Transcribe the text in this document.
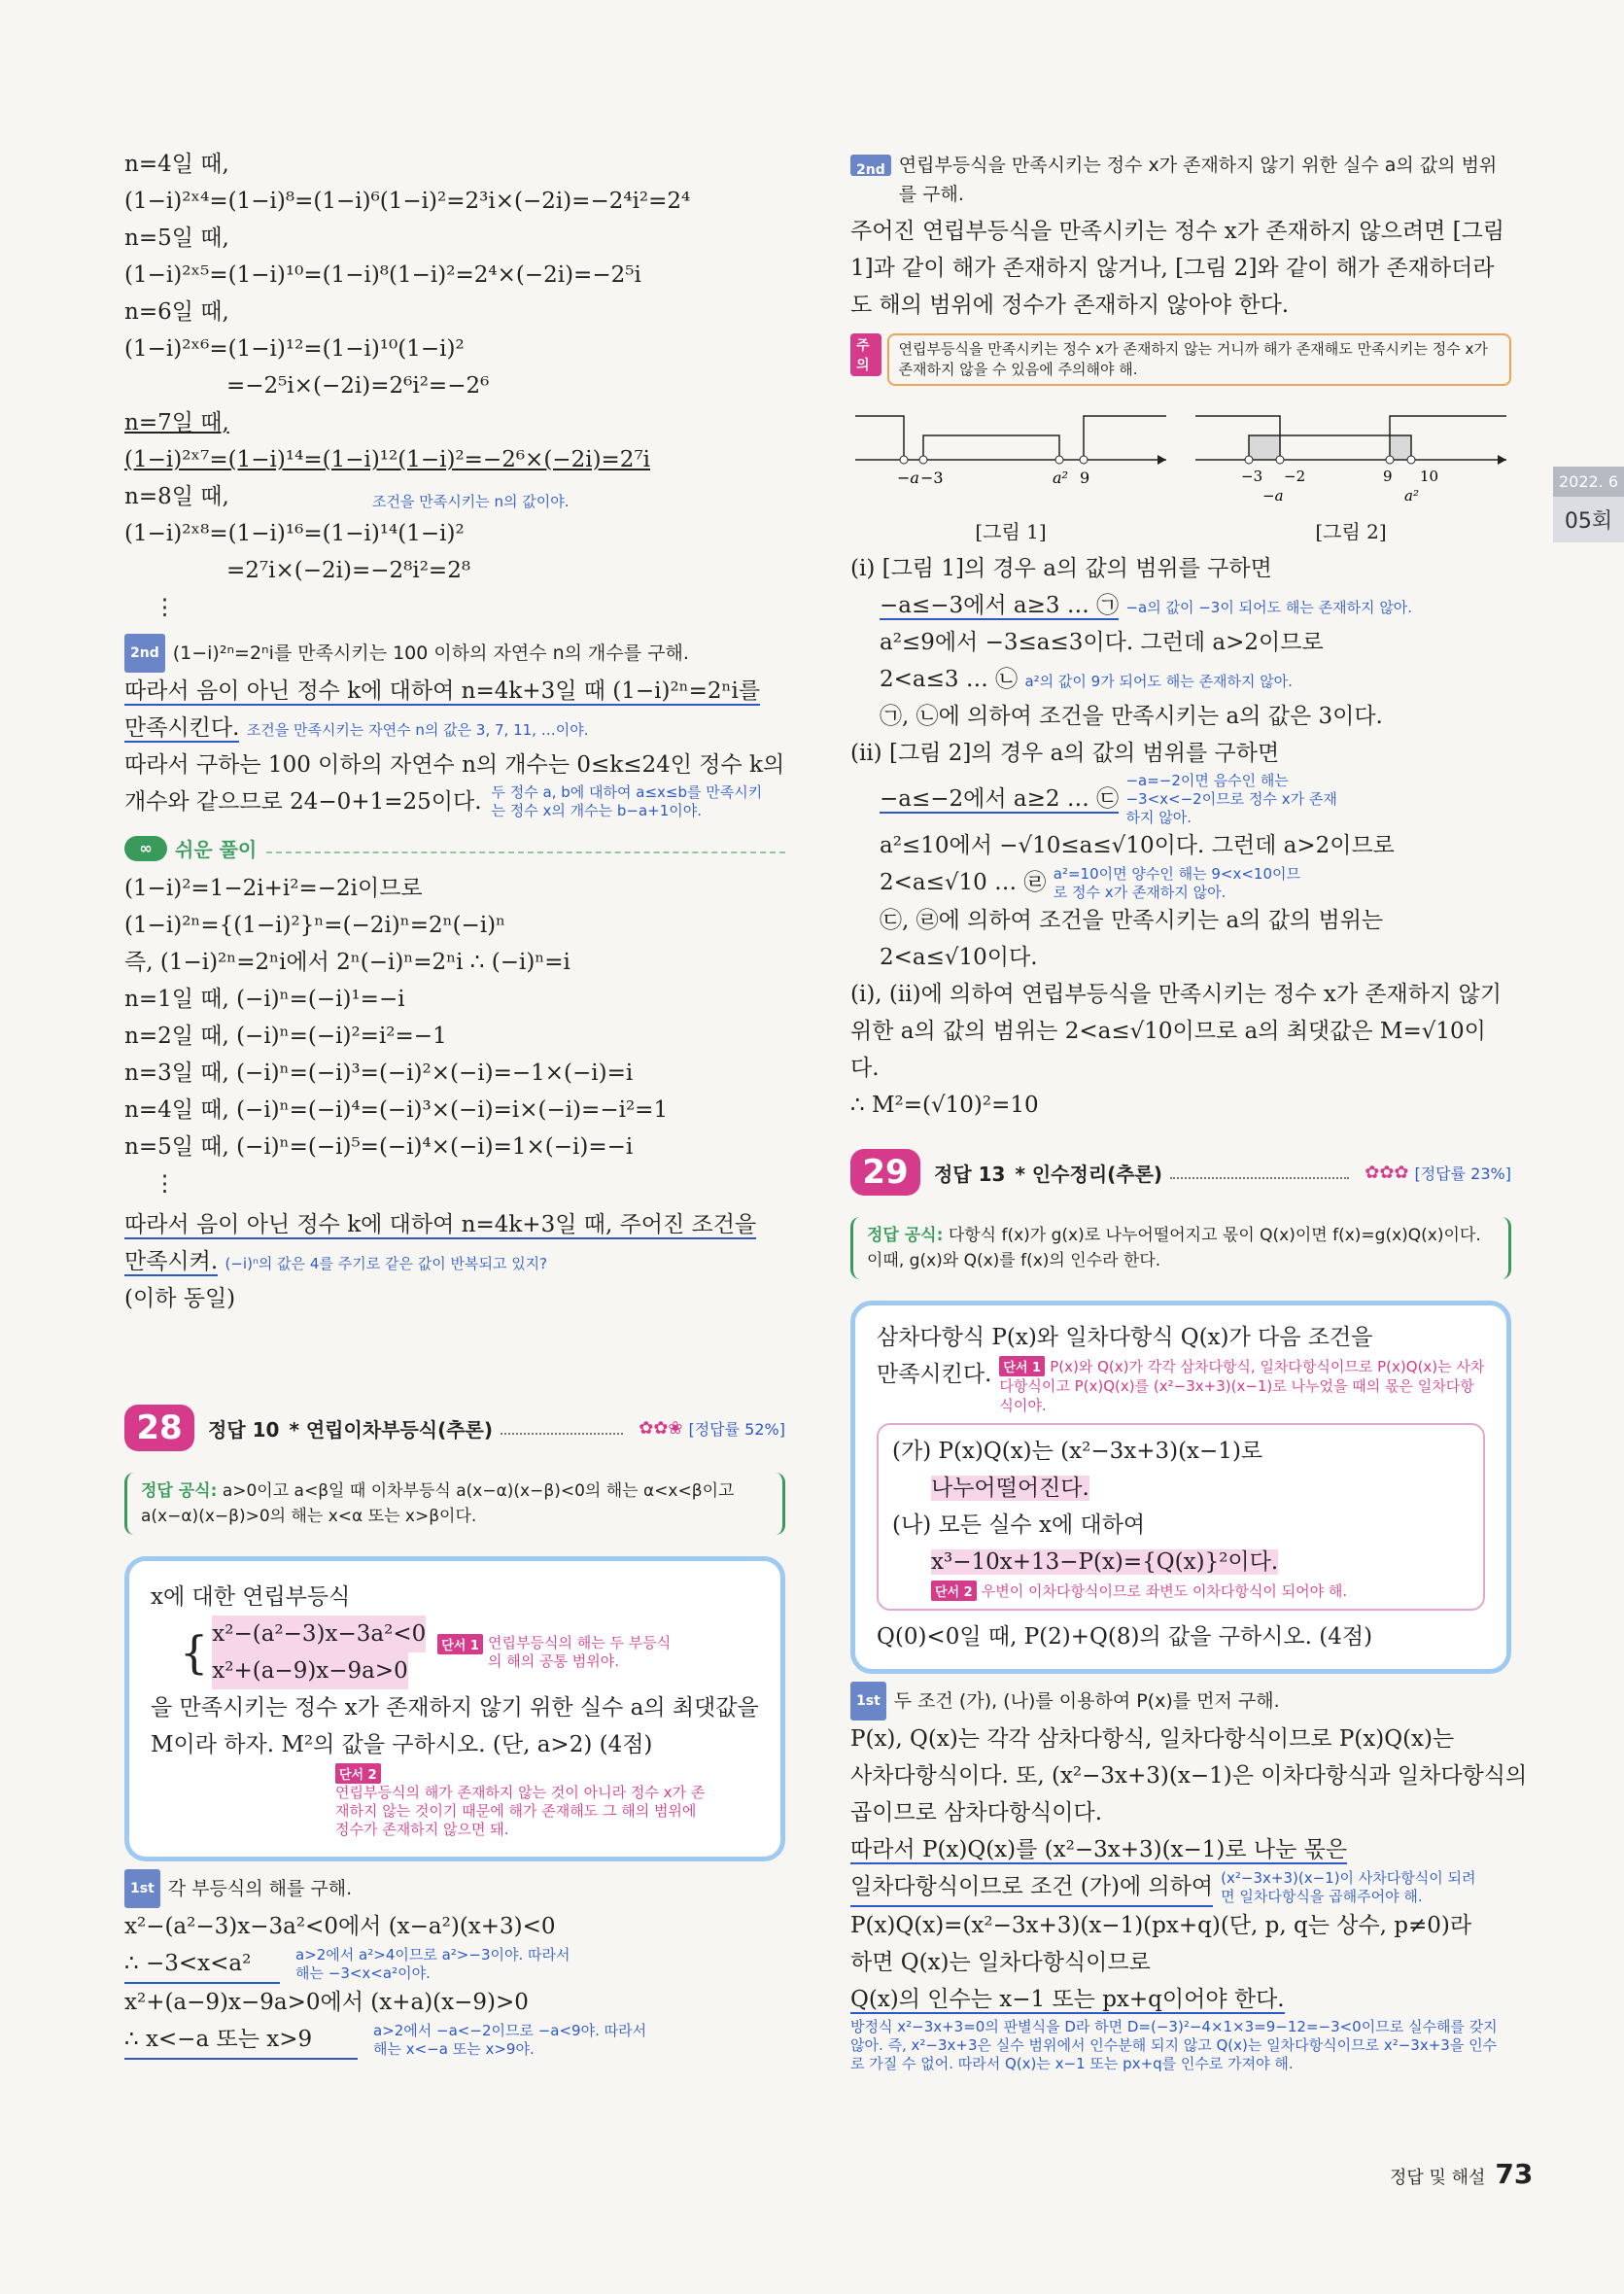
n=4일 때,
(1−i)²ˣ⁴=(1−i)⁸=(1−i)⁶(1−i)²=2³i×(−2i)=−2⁴i²=2⁴
n=5일 때,
(1−i)²ˣ⁵=(1−i)¹⁰=(1−i)⁸(1−i)²=2⁴×(−2i)=−2⁵i
n=6일 때,
(1−i)²ˣ⁶=(1−i)¹²=(1−i)¹⁰(1−i)²
=−2⁵i×(−2i)=2⁶i²=−2⁶
n=7일 때,
(1−i)²ˣ⁷=(1−i)¹⁴=(1−i)¹²(1−i)²=−2⁶×(−2i)=2⁷i
n=8일 때,
(1−i)²ˣ⁸=(1−i)¹⁶=(1−i)¹⁴(1−i)²
=2⁷i×(−2i)=−2⁸i²=2⁸
⋮
조건을 만족시키는 n의 값이야.
2nd (1−i)²ⁿ=2ⁿi를 만족시키는 100 이하의 자연수 n의 개수를 구해.
따라서 음이 아닌 정수 k에 대하여 n=4k+3일 때 (1−i)²ⁿ=2ⁿi를
만족시킨다. 조건을 만족시키는 자연수 n의 값은 3, 7, 11, …이야.
따라서 구하는 100 이하의 자연수 n의 개수는 0≤k≤24인 정수 k의
개수와 같으므로 24−0+1=25이다. 두 정수 a, b에 대하여 a≤x≤b를 만족시키는 정수 x의 개수는 b−a+1이야.
∞	쉬운 풀이
(1−i)²=1−2i+i²=−2i이므로
(1−i)²ⁿ={(1−i)²}ⁿ=(−2i)ⁿ=2ⁿ(−i)ⁿ
즉, (1−i)²ⁿ=2ⁿi에서 2ⁿ(−i)ⁿ=2ⁿi ∴ (−i)ⁿ=i
n=1일 때, (−i)ⁿ=(−i)¹=−i
n=2일 때, (−i)ⁿ=(−i)²=i²=−1
n=3일 때, (−i)ⁿ=(−i)³=(−i)²×(−i)=−1×(−i)=i
n=4일 때, (−i)ⁿ=(−i)⁴=(−i)³×(−i)=i×(−i)=−i²=1
n=5일 때, (−i)ⁿ=(−i)⁵=(−i)⁴×(−i)=1×(−i)=−i
⋮
따라서 음이 아닌 정수 k에 대하여 n=4k+3일 때, 주어진 조건을
만족시켜. (−i)ⁿ의 값은 4를 주기로 같은 값이 반복되고 있지?
(이하 동일)
28	정답 10 * 연립이차부등식(추론)	✿✿❀ [정답률 52%]
정답 공식: a>0이고 a<β일 때 이차부등식 a(x−α)(x−β)<0의 해는 α<x<β이고 a(x−α)(x−β)>0의 해는 x<α 또는 x>β이다.
x에 대한 연립부등식
{ x²−(a²−3)x−3a²<0
x²+(a−9)x−9a>0
단서 1 연립부등식의 해는 두 부등식의 해의 공통 범위야.
을 만족시키는 정수 x가 존재하지 않기 위한 실수 a의 최댓값을
M이라 하자. M²의 값을 구하시오. (단, a>2) (4점)
단서 2 연립부등식의 해가 존재하지 않는 것이 아니라 정수 x가 존재하지 않는 것이기 때문에 해가 존재해도 그 해의 범위에 정수가 존재하지 않으면 돼.
1st 각 부등식의 해를 구해.
x²−(a²−3)x−3a²<0에서 (x−a²)(x+3)<0
∴ −3<x<a²	a>2에서 a²>4이므로 a²>−3이야. 따라서 해는 −3<x<a²이야.
x²+(a−9)x−9a>0에서 (x+a)(x−9)>0
∴ x<−a 또는 x>9	a>2에서 −a<−2이므로 −a<9야. 따라서 해는 x<−a 또는 x>9야.
2nd 연립부등식을 만족시키는 정수 x가 존재하지 않기 위한 실수 a의 값의 범위를 구해.
주어진 연립부등식을 만족시키는 정수 x가 존재하지 않으려면 [그림 1]과 같이 해가 존재하지 않거나, [그림 2]와 같이 해가 존재하더라도 해의 범위에 정수가 존재하지 않아야 한다.
주의
연립부등식을 만족시키는 정수 x가 존재하지 않는 거니까 해가 존재해도 만족시키는 정수 x가 존재하지 않을 수 있음에 주의해야 해.
−a −3	a² 9
[그림 1]
−3 −2
−a
9 10
a²
[그림 2]
(i) [그림 1]의 경우 a의 값의 범위를 구하면
−a≤−3에서 a≥3 … ㉠ −a의 값이 −3이 되어도 해는 존재하지 않아.
a²≤9에서 −3≤a≤3이다. 그런데 a>2이므로
2<a≤3 … ㉡ a²의 값이 9가 되어도 해는 존재하지 않아.
㉠, ㉡에 의하여 조건을 만족시키는 a의 값은 3이다.
(ii) [그림 2]의 경우 a의 값의 범위를 구하면
−a≤−2에서 a≥2 … ㉢ −a=−2이면 음수인 해는 −3<x<−2이므로 정수 x가 존재하지 않아.
a²≤10에서 −√10≤a≤√10이다. 그런데 a>2이므로
2<a≤√10 … ㉣ a²=10이면 양수인 해는 9<x<10이므로 정수 x가 존재하지 않아.
㉢, ㉣에 의하여 조건을 만족시키는 a의 값의 범위는
2<a≤√10이다.
(i), (ii)에 의하여 연립부등식을 만족시키는 정수 x가 존재하지 않기 위한 a의 값의 범위는 2<a≤√10이므로 a의 최댓값은 M=√10이다.
∴ M²=(√10)²=10
29	정답 13 * 인수정리(추론)	✿✿✿ [정답률 23%]
정답 공식: 다항식 f(x)가 g(x)로 나누어떨어지고 몫이 Q(x)이면 f(x)=g(x)Q(x)이다. 이때, g(x)와 Q(x)를 f(x)의 인수라 한다.
삼차다항식 P(x)와 일차다항식 Q(x)가 다음 조건을
만족시킨다. 단서 1 P(x)와 Q(x)가 각각 삼차다항식, 일차다항식이므로 P(x)Q(x)는 사차다항식이고 P(x)Q(x)를 (x²−3x+3)(x−1)로 나누었을 때의 몫은 일차다항식이야.
(가) P(x)Q(x)는 (x²−3x+3)(x−1)로
나누어떨어진다.
(나) 모든 실수 x에 대하여
x³−10x+13−P(x)={Q(x)}²이다.
단서 2 우변이 이차다항식이므로 좌변도 이차다항식이 되어야 해.
Q(0)<0일 때, P(2)+Q(8)의 값을 구하시오. (4점)
1st 두 조건 (가), (나)를 이용하여 P(x)를 먼저 구해.
P(x), Q(x)는 각각 삼차다항식, 일차다항식이므로 P(x)Q(x)는
사차다항식이다. 또, (x²−3x+3)(x−1)은 이차다항식과 일차다항식의
곱이므로 삼차다항식이다.
따라서 P(x)Q(x)를 (x²−3x+3)(x−1)로 나눈 몫은
일차다항식이므로 조건 (가)에 의하여 (x²−3x+3)(x−1)이 사차다항식이 되려면 일차다항식을 곱해주어야 해.
P(x)Q(x)=(x²−3x+3)(x−1)(px+q)(단, p, q는 상수, p≠0)라
하면 Q(x)는 일차다항식이므로
Q(x)의 인수는 x−1 또는 px+q이어야 한다.
방정식 x²−3x+3=0의 판별식을 D라 하면 D=(−3)²−4×1×3=9−12=−3<0이므로 실수해를 갖지 않아. 즉, x²−3x+3은 실수 범위에서 인수분해 되지 않고 Q(x)는 일차다항식이므로 x²−3x+3을 인수로 가질 수 없어. 따라서 Q(x)는 x−1 또는 px+q를 인수로 가져야 해.
2022. 6
05회
정답 및 해설 73
